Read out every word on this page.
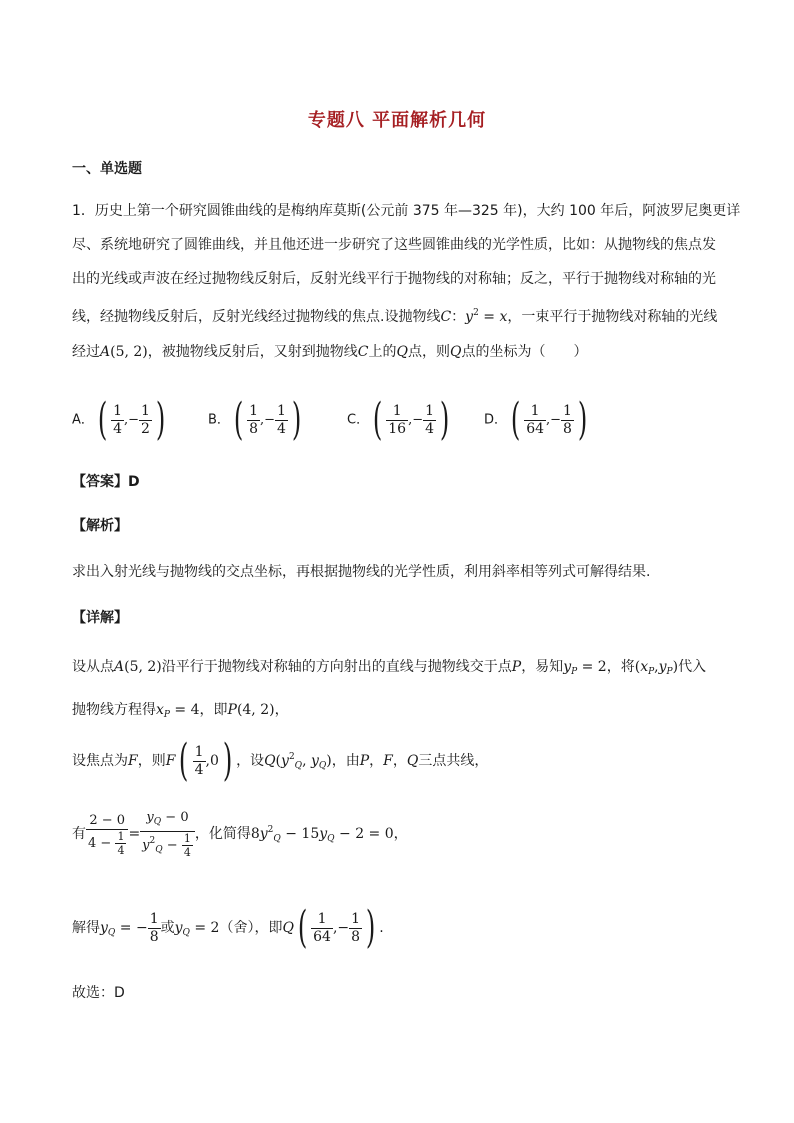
专题八 平面解析几何
一、单选题
1．历史上第一个研究圆锥曲线的是梅纳库莫斯(公元前 375 年—325 年)，大约 100 年后，阿波罗尼奥更详
尽、系统地研究了圆锥曲线，并且他还进一步研究了这些圆锥曲线的光学性质，比如：从抛物线的焦点发
出的光线或声波在经过抛物线反射后，反射光线平行于抛物线的对称轴；反之，平行于抛物线对称轴的光
线，经抛物线反射后，反射光线经过抛物线的焦点.设抛物线C：$y^2 = x$，一束平行于抛物线对称轴的光线
经过A(5, 2)，被抛物线反射后，又射到抛物线C上的Q点，则Q点的坐标为（　　）
A．( $\frac{1}{4}$ ,− $\frac{1}{2}$ )	B．( $\frac{1}{8}$ ,− $\frac{1}{4}$ )	C．( $\frac{1}{16}$ ,− $\frac{1}{4}$ )	D．( $\frac{1}{64}$ ,− $\frac{1}{8}$ )
【答案】D
【解析】
求出入射光线与抛物线的交点坐标，再根据抛物线的光学性质，利用斜率相等列式可解得结果.
【详解】
设从点A(5, 2)沿平行于抛物线对称轴的方向射出的直线与抛物线交于点P，易知$y_P = 2$，将$(x_P,y_P)$代入
抛物线方程得$x_P = 4$，即P(4, 2)，
设焦点为F，则$F( \frac{1}{4} ,0)$ ，设$Q(y^2_Q$, $y_Q$)，由P，F，Q三点共线，
有 $\frac{2 - 0}{4 - \frac{1}{4}} = \frac{y_Q - 0}{y^2_Q - \frac{1}{4}}$ ，化简得$8y^2_Q - 15y_Q - 2 = 0$，
解得$y_Q$ = − $\frac{1}{8}$ 或$y_Q = 2$（舍），即$Q( \frac{1}{64}$ ,− $\frac{1}{8}$ ) .
故选：D
